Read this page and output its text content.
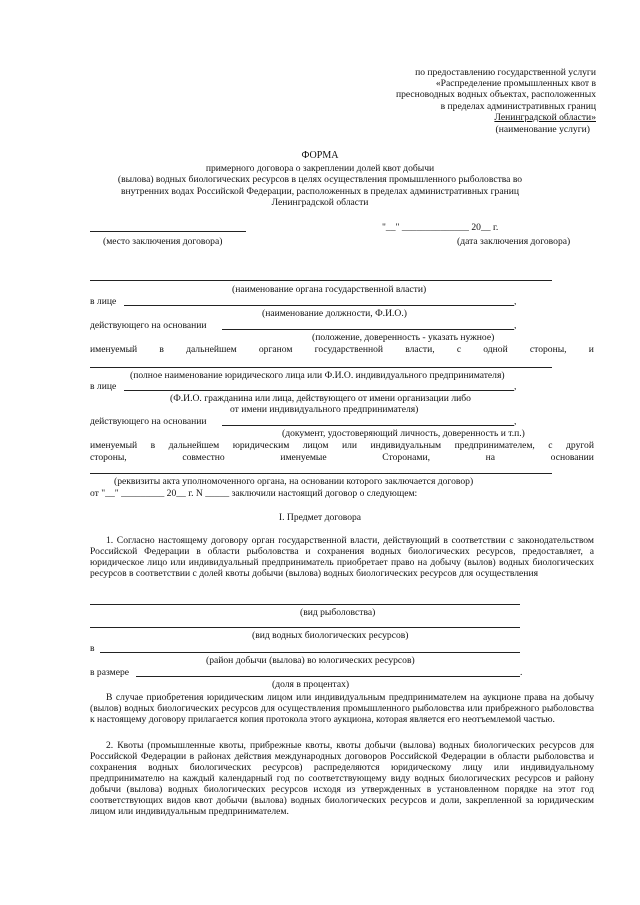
по предоставлению государственной услуги
«Распределение промышленных квот в
пресноводных водных объектах, расположенных
в пределах административных границ
Ленинградской области»
(наименование услуги)
ФОРМА
примерного договора о закреплении долей квот добычи
(вылова) водных биологических ресурсов в целях осуществления промышленного рыболовства во
внутренних водах Российской Федерации, расположенных в пределах административных границ
Ленинградской области
"__" ______________ 20__ г.
(место заключения договора)	(дата заключения договора)
(наименование органа государственной власти)
в лице	,
(наименование должности, Ф.И.О.)
действующего на основании	,
(положение, доверенность - указать нужное)
именуемый в дальнейшем органом государственной власти, с одной стороны, и
(полное наименование юридического лица или Ф.И.О. индивидуального предпринимателя)
в лице	,
(Ф.И.О. гражданина или лица, действующего от имени организации либо
от имени индивидуального предпринимателя)
действующего на основании	,
(документ, удостоверяющий личность, доверенность и т.п.)
именуемый в дальнейшем юридическим лицом или индивидуальным предпринимателем, с другой
стороны,	совместно	именуемые	Сторонами,	на	основании
(реквизиты акта уполномоченного органа, на основании которого заключается договор)
от "__" _________ 20__ г. N _____ заключили настоящий договор о следующем:
I. Предмет договора
1. Согласно настоящему договору орган государственной власти, действующий в соответствии с законодательством Российской Федерации в области рыболовства и сохранения водных биологических ресурсов, предоставляет, а юридическое лицо или индивидуальный предприниматель приобретает право на добычу (вылов) водных биологических ресурсов в соответствии с долей квоты добычи (вылова) водных биологических ресурсов для осуществления
(вид рыболовства)
(вид водных биологических ресурсов)
в
(район добычи (вылова) во юлогических ресурсов)
в размере	.
(доля в процентах)
В случае приобретения юридическим лицом или индивидуальным предпринимателем на аукционе права на добычу (вылов) водных биологических ресурсов для осуществления промышленного рыболовства или прибрежного рыболовства к настоящему договору прилагается копия протокола этого аукциона, которая является его неотъемлемой частью.
2. Квоты (промышленные квоты, прибрежные квоты, квоты добычи (вылова) водных биологических ресурсов для Российской Федерации в районах действия международных договоров Российской Федерации в области рыболовства и сохранения водных биологических ресурсов) распределяются юридическому лицу или индивидуальному предпринимателю на каждый календарный год по соответствующему виду водных биологических ресурсов и району добычи (вылова) водных биологических ресурсов исходя из утвержденных в установленном порядке на этот год соответствующих видов квот добычи (вылова) водных биологических ресурсов и доли, закрепленной за юридическим лицом или индивидуальным предпринимателем.
